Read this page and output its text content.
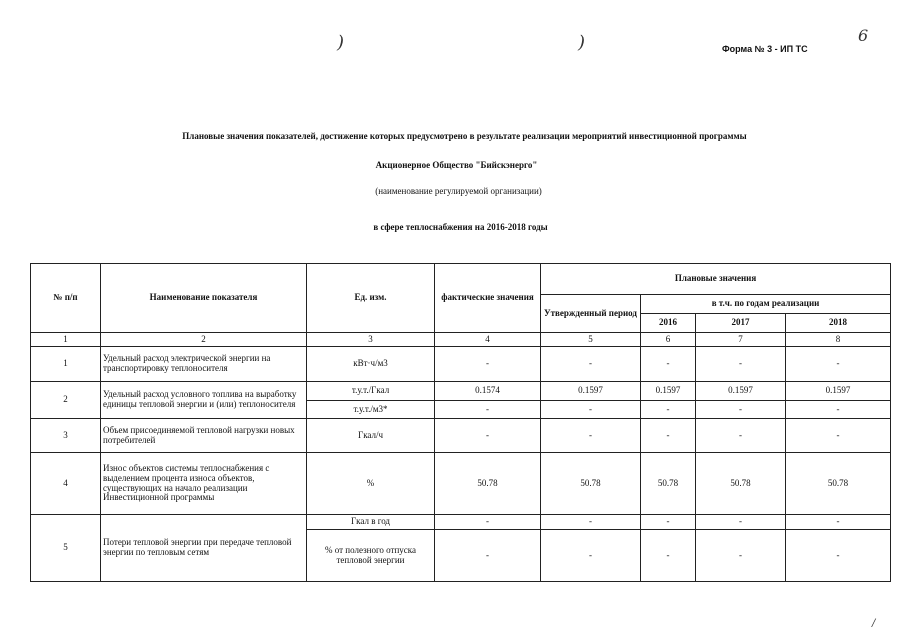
)	)	Форма № 3 - ИП ТС
6
Плановые значения показателей, достижение которых предусмотрено в результате реализации мероприятий инвестиционной программы
Акционерное Общество "Бийскэнерго"
(наименование регулируемой организации)
в сфере теплоснабжения на 2016-2018 годы
№ п/п	Наименование показателя	Ед. изм.	фактические значения	Плановые значения			
				Утвержденный период	в т.ч. по годам реализации		
					2016	2017	2018
1	2	3	4	5	6	7	8
1	Удельный расход электрической энергии на транспортировку теплоносителя	кВт·ч/м3	-	-	-	-	-
2	Удельный расход условного топлива на выработку единицы тепловой энергии и (или) теплоносителя	т.у.т./Гкал	0.1574	0.1597	0.1597	0.1597	0.1597
		т.у.т./м3*	-	-	-	-	-
3	Объем присоединяемой тепловой нагрузки новых потребителей	Гкал/ч	-	-	-	-	-
4	Износ объектов системы теплоснабжения с выделением процента износа объектов, существующих на начало реализации Инвестиционной программы	%	50.78	50.78	50.78	50.78	50.78
5	Потери тепловой энергии при передаче тепловой энергии по тепловым сетям	Гкал в год	-	-	-	-	-
		% от полезного отпуска тепловой энергии	-	-	-	-	-
/
